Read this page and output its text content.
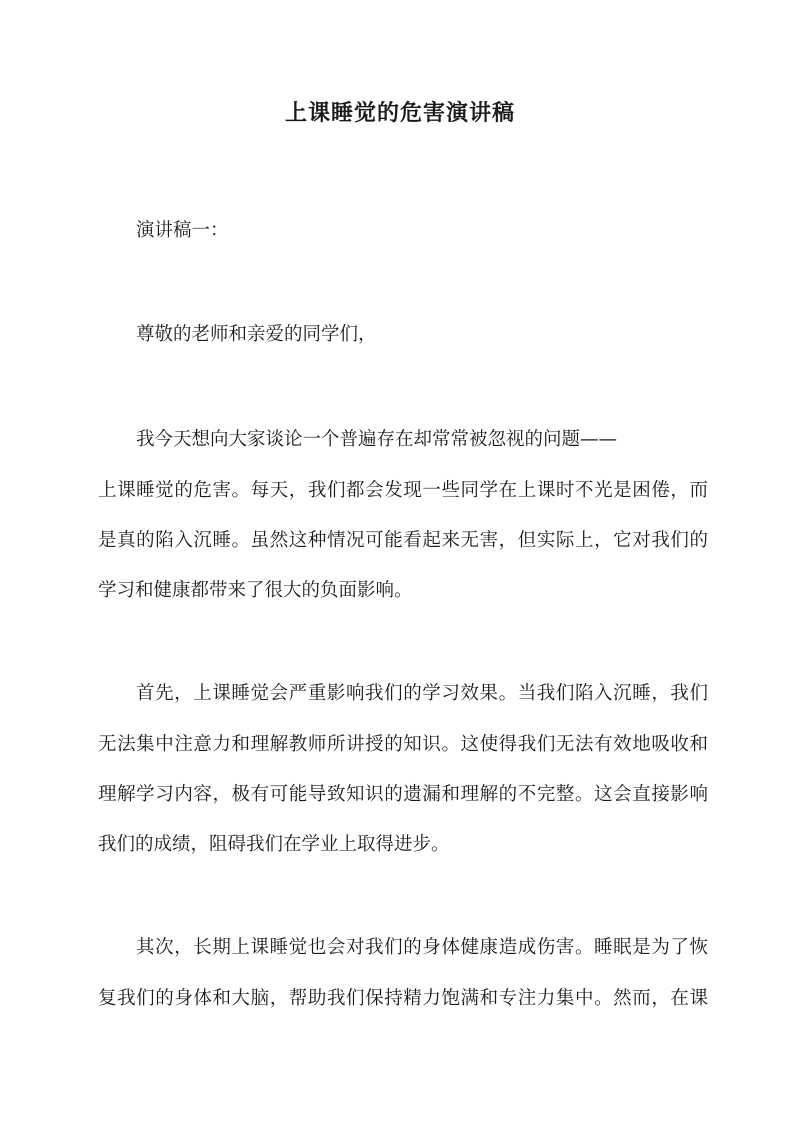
上课睡觉的危害演讲稿
演讲稿一：
尊敬的老师和亲爱的同学们，
我今天想向大家谈论一个普遍存在却常常被忽视的问题——
上课睡觉的危害。每天，我们都会发现一些同学在上课时不光是困倦，而
是真的陷入沉睡。虽然这种情况可能看起来无害，但实际上，它对我们的
学习和健康都带来了很大的负面影响。
首先，上课睡觉会严重影响我们的学习效果。当我们陷入沉睡，我们
无法集中注意力和理解教师所讲授的知识。这使得我们无法有效地吸收和
理解学习内容，极有可能导致知识的遗漏和理解的不完整。这会直接影响
我们的成绩，阻碍我们在学业上取得进步。
其次，长期上课睡觉也会对我们的身体健康造成伤害。睡眠是为了恢
复我们的身体和大脑，帮助我们保持精力饱满和专注力集中。然而，在课
